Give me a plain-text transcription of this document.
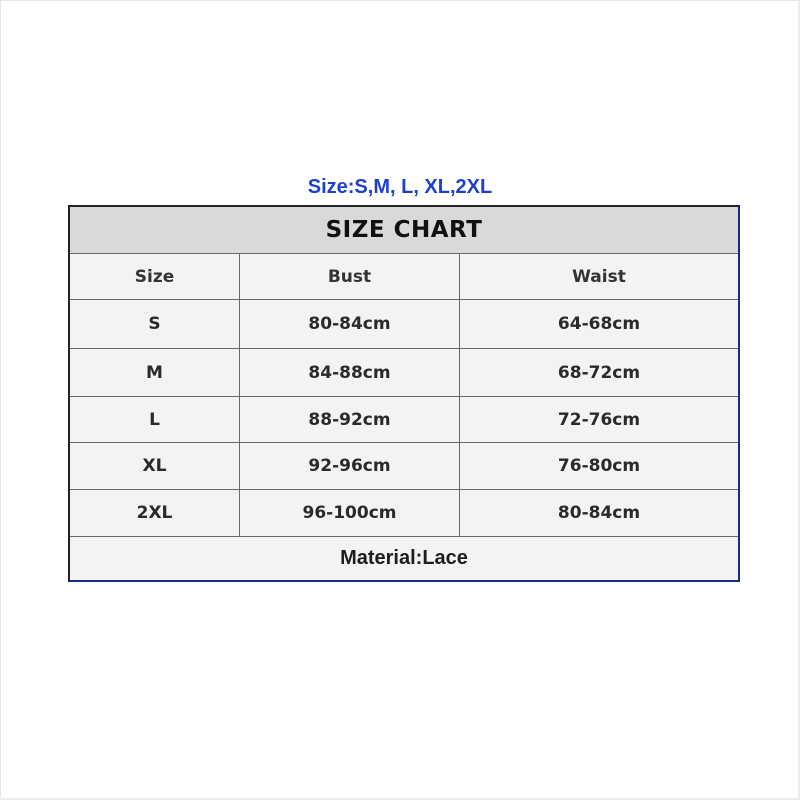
Size:S,M, L, XL,2XL
SIZE CHART
Size	Bust	Waist
S	80-84cm	64-68cm
M	84-88cm	68-72cm
L	88-92cm	72-76cm
XL	92-96cm	76-80cm
2XL	96-100cm	80-84cm
Material:Lace
